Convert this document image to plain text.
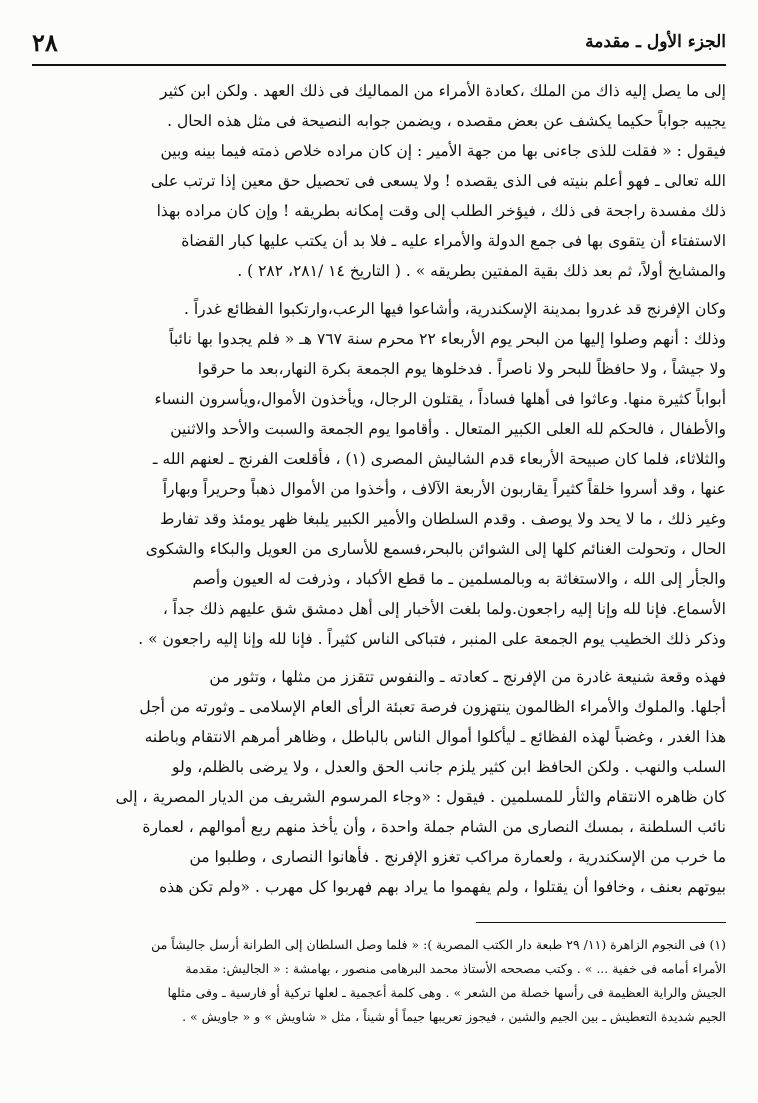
الجزء الأول ـ مقدمة
٢٨

إلى ما يصل إليه ذاك من الملك ،كعادة الأمراء من المماليك فى ذلك العهد . ولكن ابن كثير

يجيبه جواباً حكيما يكشف عن بعض مقصده ، ويضمن جوابه النصيحة فى مثل هذه الحال .

فيقول : « فقلت للذى جاءنى بها من جهة الأمير : إن كان مراده خلاص ذمته فيما بينه وبين

الله تعالى ـ فهو أعلم بنيته فى الذى يقصده ! ولا يسعى فى تحصيل حق معين إذا ترتب على

ذلك مفسدة راجحة فى ذلك ، فيؤخر الطلب إلى وقت إمكانه بطريقه ! وإن كان مراده بهذا

الاستفتاء أن يتقوى بها فى جمع الدولة والأمراء عليه ـ فلا بد أن يكتب عليها كبار القضاة

والمشايخ أولاً، ثم بعد ذلك بقية المفتين بطريقه » . ( التاريخ ١٤ /٢٨١، ٢٨٢ ) .

وكان الإفرنج قد غدروا بمدينة الإسكندرية، وأشاعوا فيها الرعب،وارتكبوا الفظائع غدراً .

وذلك : أنهم وصلوا إليها من البحر يوم الأربعاء ٢٢ محرم سنة ٧٦٧ هـ « فلم يجدوا بها نائباً

ولا جيشاً ، ولا حافظاً للبحر ولا ناصراً . فدخلوها يوم الجمعة بكرة النهار،بعد ما حرقوا

أبواباً كثيرة منها. وعاثوا فى أهلها فساداً ، يقتلون الرجال، ويأخذون الأموال،ويأسرون النساء

والأطفال ، فالحكم لله العلى الكبير المتعال . وأقاموا يوم الجمعة والسبت والأحد والاثنين

والثلاثاء، فلما كان صبيحة الأربعاء قدم الشاليش المصرى (١) ، فأقلعت الفرنج ـ لعنهم الله ـ

عنها ، وقد أسروا خلقاً كثيراً يقاربون الأربعة الآلاف ، وأخذوا من الأموال ذهباً وحريراً وبهاراً

وغير ذلك ، ما لا يحد ولا يوصف . وقدم السلطان والأمير الكبير يلبغا ظهر يومئذ وقد تفارط

الحال ، وتحولت الغنائم كلها إلى الشوائن بالبحر،فسمع للأسارى من العويل والبكاء والشكوى

والجأر إلى الله ، والاستغاثة به وبالمسلمين ـ ما قطع الأكباد ، وذرفت له العيون وأصم

الأسماع. فإنا لله وإنا إليه راجعون.ولما بلغت الأخبار إلى أهل دمشق شق عليهم ذلك جداً ،

وذكر ذلك الخطيب يوم الجمعة على المنبر ، فتباكى الناس كثيراً . فإنا لله وإنا إليه راجعون » .

فهذه وقعة شنيعة غادرة من الإفرنج ـ كعادته ـ والنفوس تتقزز من مثلها ، وتثور من

أجلها. والملوك والأمراء الظالمون ينتهزون فرصة تعبئة الرأى العام الإسلامى ـ وثورته من أجل

هذا الغدر ، وغضباً لهذه الفظائع ـ ليأكلوا أموال الناس بالباطل ، وظاهر أمرهم الانتقام وباطنه

السلب والنهب . ولكن الحافظ ابن كثير يلزم جانب الحق والعدل ، ولا يرضى بالظلم، ولو

كان ظاهره الانتقام والثأر للمسلمين . فيقول : «وجاء المرسوم الشريف من الديار المصرية ، إلى

نائب السلطنة ، بمسك النصارى من الشام جملة واحدة ، وأن يأخذ منهم ربع أموالهم ، لعمارة

ما خرب من الإسكندرية ، ولعمارة مراكب تغزو الإفرنج . فأهانوا النصارى ، وطلبوا من

بيوتهم بعنف ، وخافوا أن يقتلوا ، ولم يفهموا ما يراد بهم فهربوا كل مهرب . «ولم تكن هذه

(١) فى النجوم الزاهرة (١١/ ٢٩ طبعة دار الكتب المصرية ): « فلما وصل السلطان إلى الطرانة أرسل جاليشاً من

الأمراء أمامه فى خفية ... » . وكتب مصححه الأستاذ محمد البرهامى منصور ، بهامشة : « الجاليش: مقدمة

الجيش والراية العظيمة فى رأسها خصلة من الشعر » . وهى كلمة أعجمية ـ لعلها تركية أو فارسية ـ وفى مثلها

الجيم شديدة التعطيش ـ بين الجيم والشين ، فيجوز تعريبها جيماً أو شيناً ، مثل « شاويش » و « جاويش » .
